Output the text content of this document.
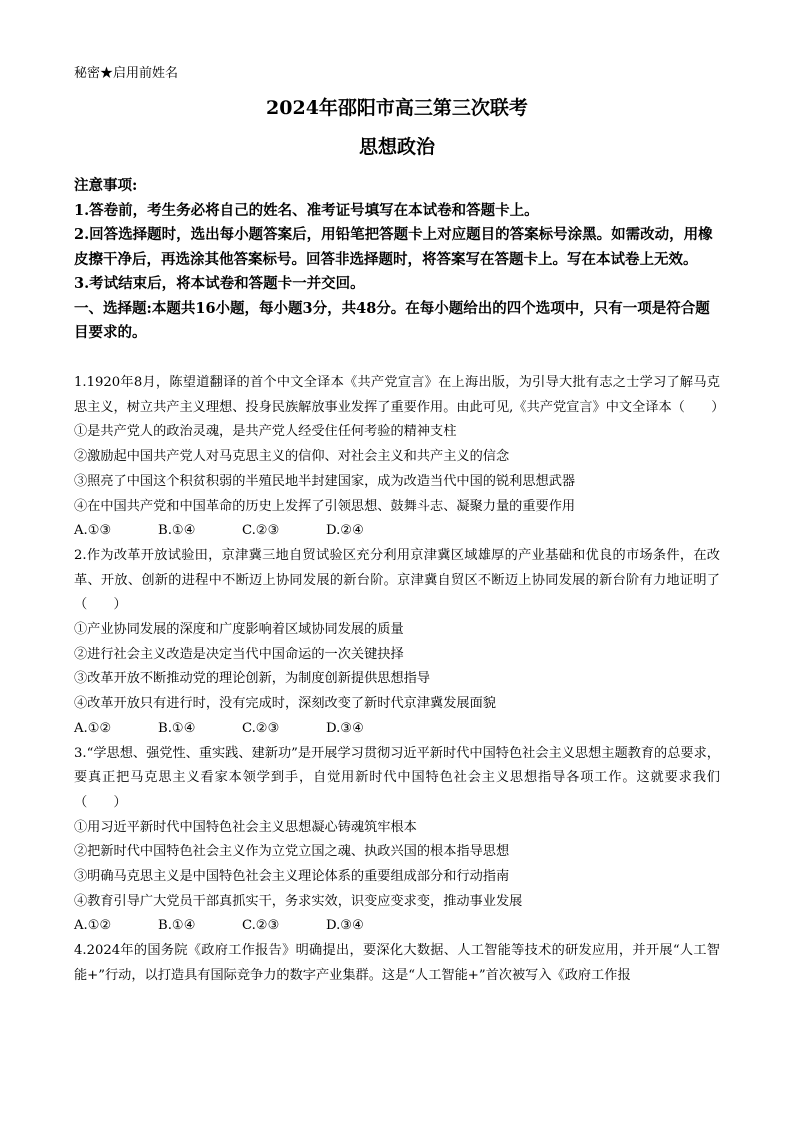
秘密★启用前姓名
2024年邵阳市高三第三次联考
思想政治
注意事项:
1.答卷前，考生务必将自己的姓名、准考证号填写在本试卷和答题卡上。
2.回答选择题时，选出每小题答案后，用铅笔把答题卡上对应题目的答案标号涂黑。如需改动，用橡皮擦干净后，再选涂其他答案标号。回答非选择题时，将答案写在答题卡上。写在本试卷上无效。
3.考试结束后，将本试卷和答题卡一并交回。
一、选择题:本题共16小题，每小题3分，共48分。在每小题给出的四个选项中，只有一项是符合题目要求的。
1.1920年8月，陈望道翻译的首个中文全译本《共产党宣言》在上海出版，为引导大批有志之士学习了解马克思主义，树立共产主义理想、投身民族解放事业发挥了重要作用。由此可见,《共产党宣言》中文全译本（　　）
①是共产党人的政治灵魂，是共产党人经受住任何考验的精神支柱
②激励起中国共产党人对马克思主义的信仰、对社会主义和共产主义的信念
③照亮了中国这个积贫积弱的半殖民地半封建国家，成为改造当代中国的锐利思想武器
④在中国共产党和中国革命的历史上发挥了引领思想、鼓舞斗志、凝聚力量的重要作用
A.①③	B.①④	C.②③	D.②④
2.作为改革开放试验田，京津冀三地自贸试验区充分利用京津冀区域雄厚的产业基础和优良的市场条件，在改革、开放、创新的进程中不断迈上协同发展的新台阶。京津冀自贸区不断迈上协同发展的新台阶有力地证明了（　　）
①产业协同发展的深度和广度影响着区域协同发展的质量
②进行社会主义改造是决定当代中国命运的一次关键抉择
③改革开放不断推动党的理论创新，为制度创新提供思想指导
④改革开放只有进行时，没有完成时，深刻改变了新时代京津冀发展面貌
A.①②	B.①④	C.②③	D.③④
3.“学思想、强党性、重实践、建新功”是开展学习贯彻习近平新时代中国特色社会主义思想主题教育的总要求，要真正把马克思主义看家本领学到手，自觉用新时代中国特色社会主义思想指导各项工作。这就要求我们（　　）
①用习近平新时代中国特色社会主义思想凝心铸魂筑牢根本
②把新时代中国特色社会主义作为立党立国之魂、执政兴国的根本指导思想
③明确马克思主义是中国特色社会主义理论体系的重要组成部分和行动指南
④教育引导广大党员干部真抓实干，务求实效，识变应变求变，推动事业发展
A.①②	B.①④	C.②③	D.③④
4.2024年的国务院《政府工作报告》明确提出，要深化大数据、人工智能等技术的研发应用，并开展“人工智能+”行动，以打造具有国际竞争力的数字产业集群。这是“人工智能+”首次被写入《政府工作报
